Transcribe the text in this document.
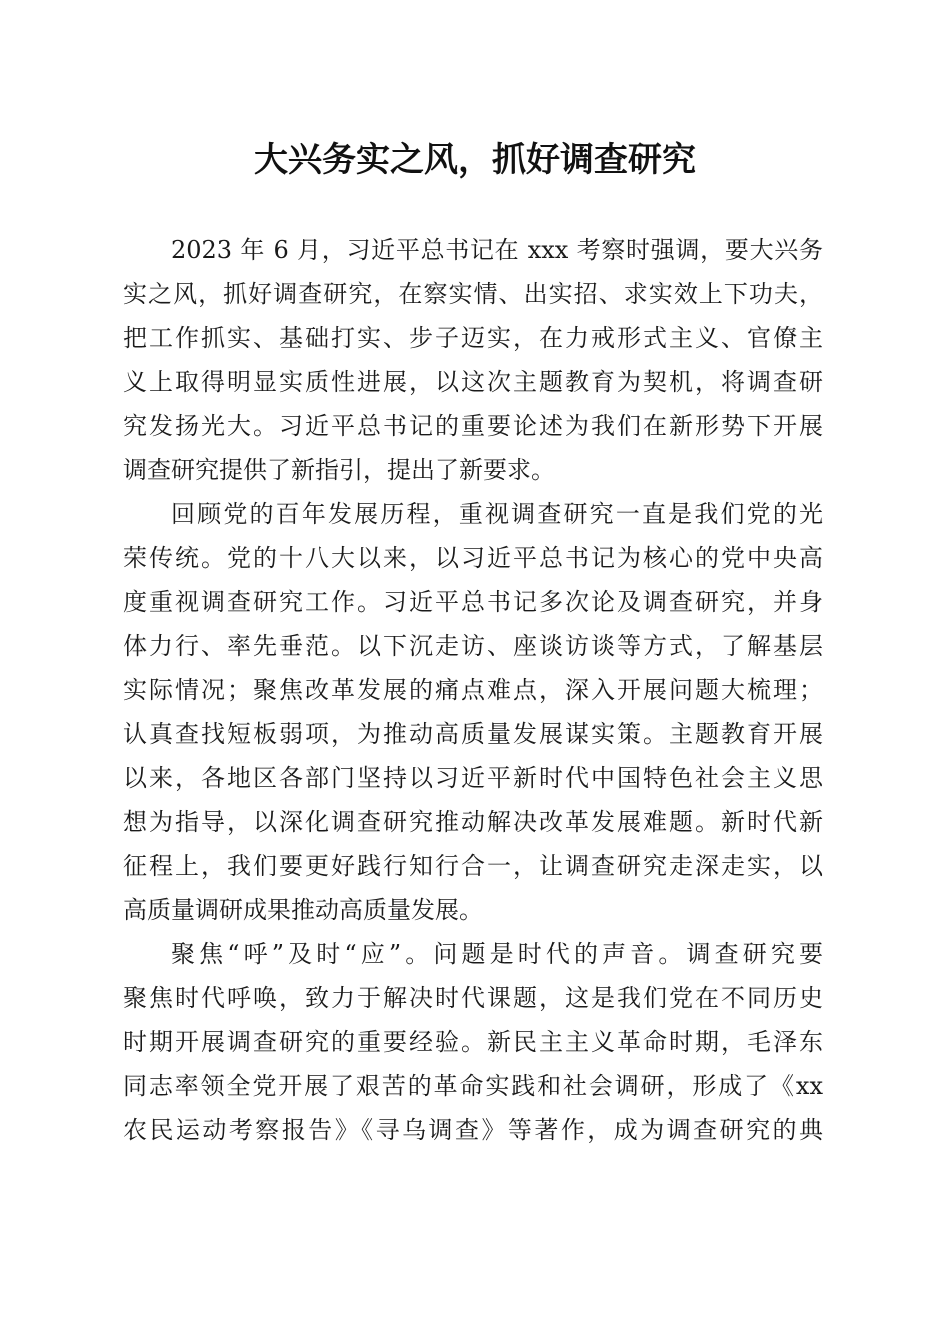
大兴务实之风，抓好调查研究

2023 年 6 月，习近平总书记在 xxx 考察时强调，要大兴务
实之风，抓好调查研究，在察实情、出实招、求实效上下功夫，
把工作抓实、基础打实、步子迈实，在力戒形式主义、官僚主
义上取得明显实质性进展，以这次主题教育为契机，将调查研
究发扬光大。习近平总书记的重要论述为我们在新形势下开展
调查研究提供了新指引，提出了新要求。

回顾党的百年发展历程，重视调查研究一直是我们党的光
荣传统。党的十八大以来，以习近平总书记为核心的党中央高
度重视调查研究工作。习近平总书记多次论及调查研究，并身
体力行、率先垂范。以下沉走访、座谈访谈等方式，了解基层
实际情况；聚焦改革发展的痛点难点，深入开展问题大梳理；
认真查找短板弱项，为推动高质量发展谋实策。主题教育开展
以来，各地区各部门坚持以习近平新时代中国特色社会主义思
想为指导，以深化调查研究推动解决改革发展难题。新时代新
征程上，我们要更好践行知行合一，让调查研究走深走实，以
高质量调研成果推动高质量发展。

聚焦“呼”及时“应”。问题是时代的声音。调查研究要
聚焦时代呼唤，致力于解决时代课题，这是我们党在不同历史
时期开展调查研究的重要经验。新民主主义革命时期，毛泽东
同志率领全党开展了艰苦的革命实践和社会调研，形成了《xx
农民运动考察报告》《寻乌调查》等著作，成为调查研究的典
